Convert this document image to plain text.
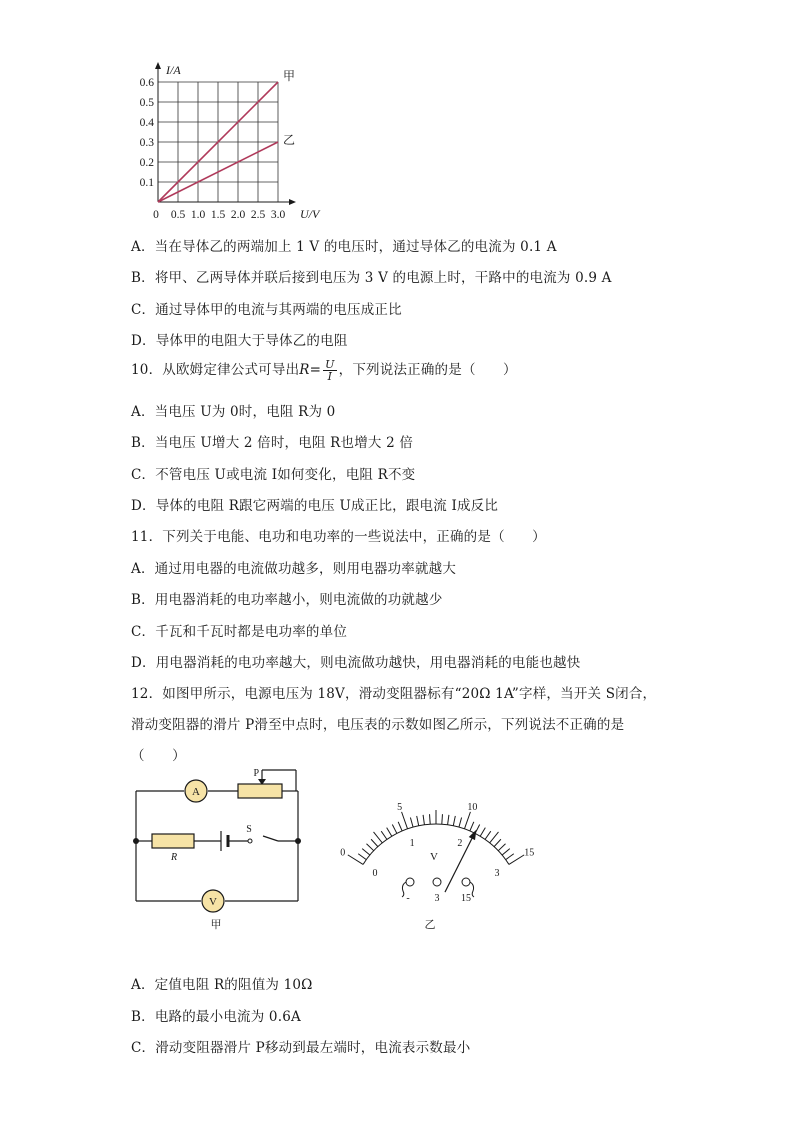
甲
乙
0.1
0.2
0.3
0.4
0.5
0.6
0.5 1.0 1.5 2.0 2.5 3.0
0
I/A
U/V
A．当在导体乙的两端加上 1 V 的电压时，通过导体乙的电流为 0.1 A
B．将甲、乙两导体并联后接到电压为 3 V 的电源上时，干路中的电流为 0.9 A
C．通过导体甲的电流与其两端的电压成正比
D．导体甲的电阻大于导体乙的电阻
10．从欧姆定律公式可导出$R= \frac{U}{I}$ ，下列说法正确的是（　　）
A．当电压 U为 0时，电阻 R为 0
B．当电压 U增大 2 倍时，电阻 R也增大 2 倍
C．不管电压 U或电流 I如何变化，电阻 R不变
D．导体的电阻 R跟它两端的电压 U成正比，跟电流 I成反比
11．下列关于电能、电功和电功率的一些说法中，正确的是（　　）
A．通过用电器的电流做功越多，则用电器功率就越大
B．用电器消耗的电功率越小，则电流做的功就越少
C．千瓦和千瓦时都是电功率的单位
D．用电器消耗的电功率越大，则电流做功越快，用电器消耗的电能也越快
12．如图甲所示，电源电压为 18V，滑动变阻器标有“20Ω 1A”字样，当开关 S闭合，
滑动变阻器的滑片 P滑至中点时，电压表的示数如图乙所示，下列说法不正确的是
（　　）
A
V
P
R
S
甲
0
5	10
15
0
1	2
3
V
- 3 15
乙
A．定值电阻 R的阻值为 10Ω
B．电路的最小电流为 0.6A
C．滑动变阻器滑片 P移动到最左端时，电流表示数最小
